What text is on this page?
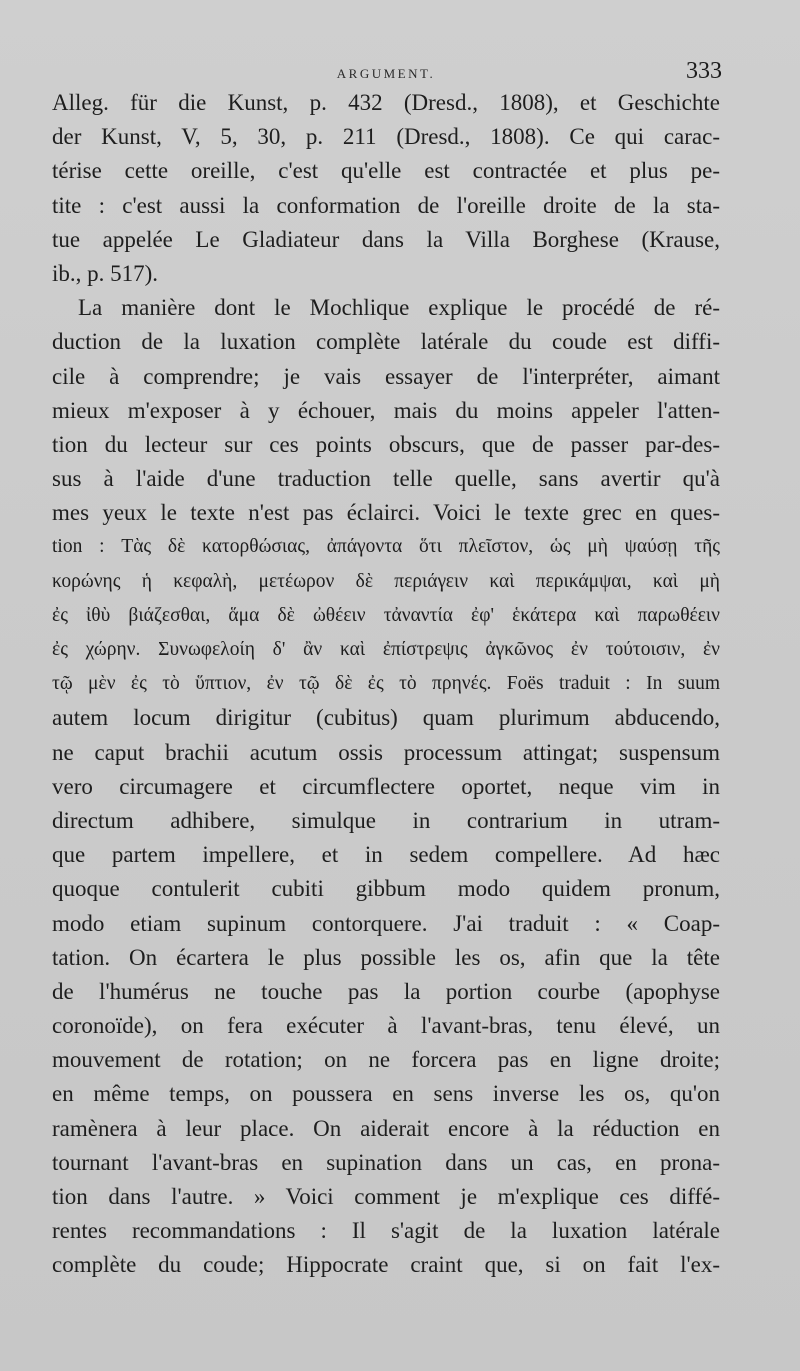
ARGUMENT.	333
Alleg. für die Kunst, p. 432 (Dresd., 1808), et Geschichte
der Kunst, V, 5, 30, p. 211 (Dresd., 1808). Ce qui carac-
térise cette oreille, c'est qu'elle est contractée et plus pe-
tite : c'est aussi la conformation de l'oreille droite de la sta-
tue appelée Le Gladiateur dans la Villa Borghese (Krause,
ib., p. 517).
La manière dont le Mochlique explique le procédé de ré-
duction de la luxation complète latérale du coude est diffi-
cile à comprendre; je vais essayer de l'interpréter, aimant
mieux m'exposer à y échouer, mais du moins appeler l'atten-
tion du lecteur sur ces points obscurs, que de passer par-des-
sus à l'aide d'une traduction telle quelle, sans avertir qu'à
mes yeux le texte n'est pas éclairci. Voici le texte grec en ques-
tion : Τὰς δὲ κατορθώσιας, ἀπάγοντα ὅτι πλεῖστον, ὡς μὴ ψαύσῃ τῆς
κορώνης ἡ κεφαλὴ, μετέωρον δὲ περιάγειν καὶ περικάμψαι, καὶ μὴ
ἐς ἰθὺ βιάζεσθαι, ἅμα δὲ ὠθέειν τἀναντία ἐφ' ἑκάτερα καὶ παρωθέειν
ἐς χώρην. Συνωφελοίη δ' ἂν καὶ ἐπίστρεψις ἀγκῶνος ἐν τούτοισιν, ἐν
τῷ μὲν ἐς τὸ ὕπτιον, ἐν τῷ δὲ ἐς τὸ πρηνές. Foës traduit : In suum
autem locum dirigitur (cubitus) quam plurimum abducendo,
ne caput brachii acutum ossis processum attingat; suspensum
vero circumagere et circumflectere oportet, neque vim in
directum adhibere, simulque in contrarium in utram-
que partem impellere, et in sedem compellere. Ad hæc
quoque contulerit cubiti gibbum modo quidem pronum,
modo etiam supinum contorquere. J'ai traduit : « Coap-
tation. On écartera le plus possible les os, afin que la tête
de l'humérus ne touche pas la portion courbe (apophyse
coronoïde), on fera exécuter à l'avant-bras, tenu élevé, un
mouvement de rotation; on ne forcera pas en ligne droite;
en même temps, on poussera en sens inverse les os, qu'on
ramènera à leur place. On aiderait encore à la réduction en
tournant l'avant-bras en supination dans un cas, en prona-
tion dans l'autre. » Voici comment je m'explique ces diffé-
rentes recommandations : Il s'agit de la luxation latérale
complète du coude; Hippocrate craint que, si on fait l'ex-
